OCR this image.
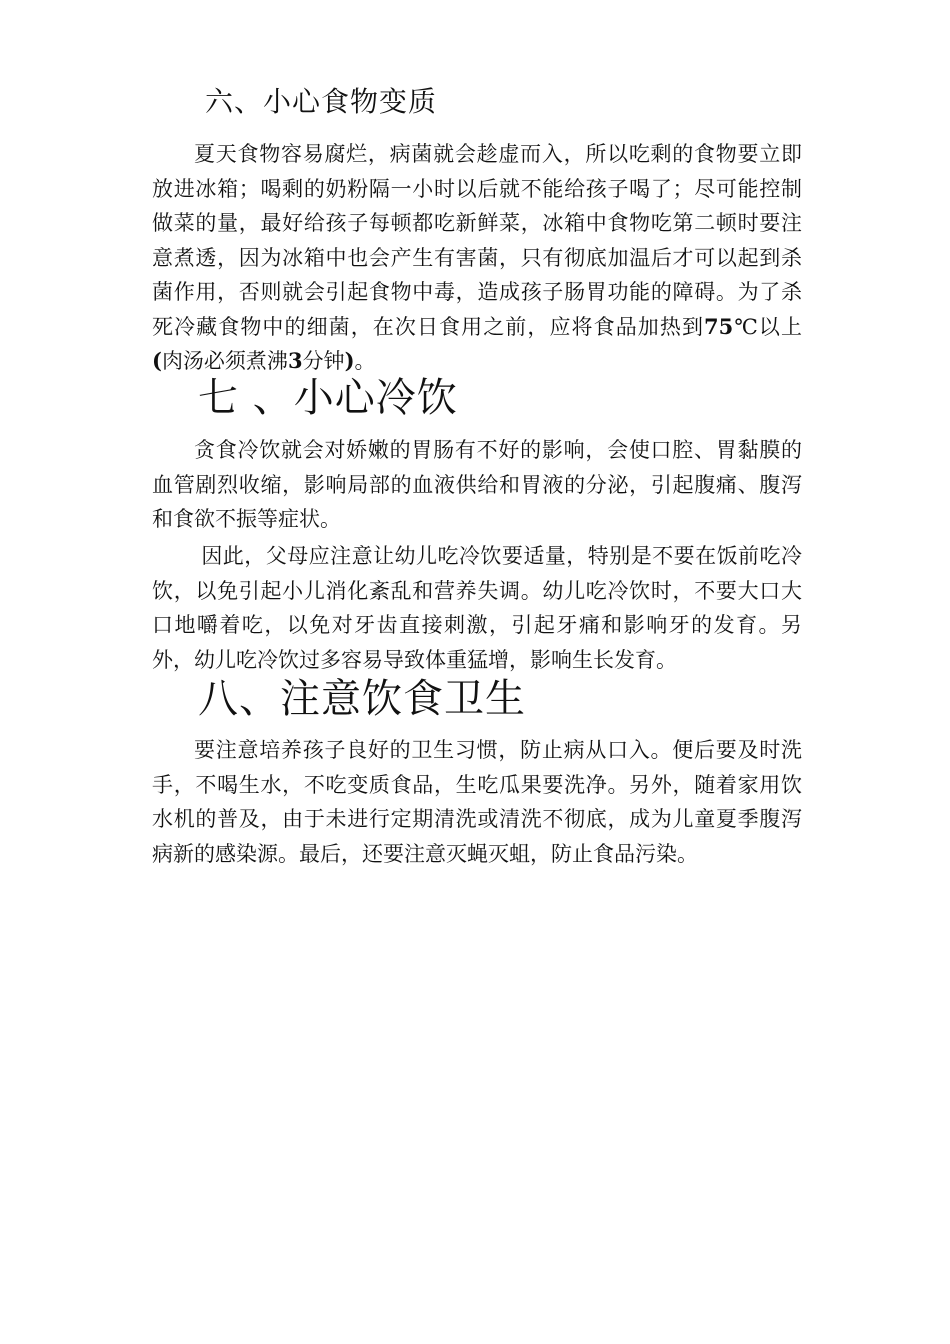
六、小心食物变质

夏天食物容易腐烂，病菌就会趁虚而入，所以吃剩的食物要立即放进冰箱；喝剩的奶粉隔一小时以后就不能给孩子喝了；尽可能控制做菜的量，最好给孩子每顿都吃新鲜菜，冰箱中食物吃第二顿时要注意煮透，因为冰箱中也会产生有害菌，只有彻底加温后才可以起到杀菌作用，否则就会引起食物中毒，造成孩子肠胃功能的障碍。为了杀死冷藏食物中的细菌，在次日食用之前，应将食品加热到75℃以上(肉汤必须煮沸3分钟)。

七 、小心冷饮

贪食冷饮就会对娇嫩的胃肠有不好的影响，会使口腔、胃黏膜的血管剧烈收缩，影响局部的血液供给和胃液的分泌，引起腹痛、腹泻和食欲不振等症状。

因此，父母应注意让幼儿吃冷饮要适量，特别是不要在饭前吃冷饮，以免引起小儿消化紊乱和营养失调。幼儿吃冷饮时，不要大口大口地嚼着吃，以免对牙齿直接刺激，引起牙痛和影响牙的发育。另外，幼儿吃冷饮过多容易导致体重猛增，影响生长发育。

八、注意饮食卫生

要注意培养孩子良好的卫生习惯，防止病从口入。便后要及时洗手，不喝生水，不吃变质食品，生吃瓜果要洗净。另外，随着家用饮水机的普及，由于未进行定期清洗或清洗不彻底，成为儿童夏季腹泻病新的感染源。最后，还要注意灭蝇灭蛆，防止食品污染。
